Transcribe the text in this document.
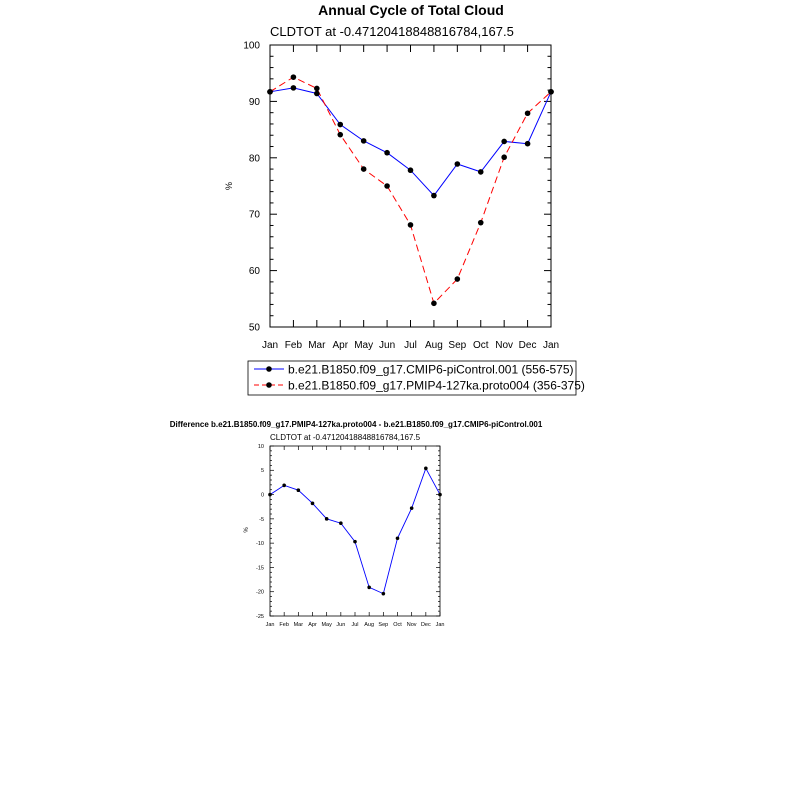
Annual Cycle of Total Cloud
CLDTOT at -0.47120418848816784,167.5
%
Jan Feb Mar Apr May Jun Jul Aug Sep Oct Nov Dec Jan
50
60
70
80
90
100
b.e21.B1850.f09_g17.CMIP6-piControl.001 (556-575)
b.e21.B1850.f09_g17.PMIP4-127ka.proto004 (356-375)
Difference b.e21.B1850.f09_g17.PMIP4-127ka.proto004 - b.e21.B1850.f09_g17.CMIP6-piControl.001
CLDTOT at -0.47120418848816784,167.5
%
Jan Feb Mar Apr May Jun Jul Aug Sep Oct Nov Dec Jan
-25
-20
-15
-10
-5
0
5
10
